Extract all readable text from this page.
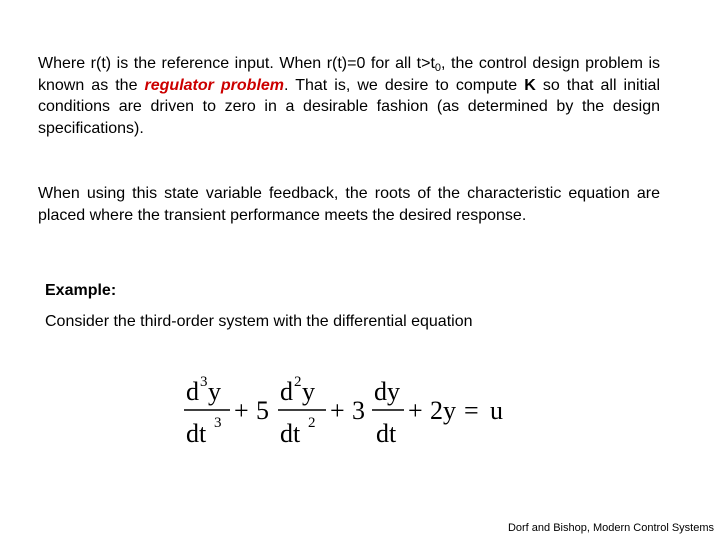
Where r(t) is the reference input. When r(t)=0 for all $t>t_0$, the control design problem is known as the regulator problem. That is, we desire to compute K so that all initial conditions are driven to zero in a desirable fashion (as determined by the design specifications).

When using this state variable feedback, the roots of the characteristic equation are placed where the transient performance meets the desired response.

Example:

Consider the third-order system with the differential equation

d 3 y
dt 3 + 5
d 2 y
dt 2 + 3
dy
dt
+ 2y = u

Dorf and Bishop, Modern Control Systems
